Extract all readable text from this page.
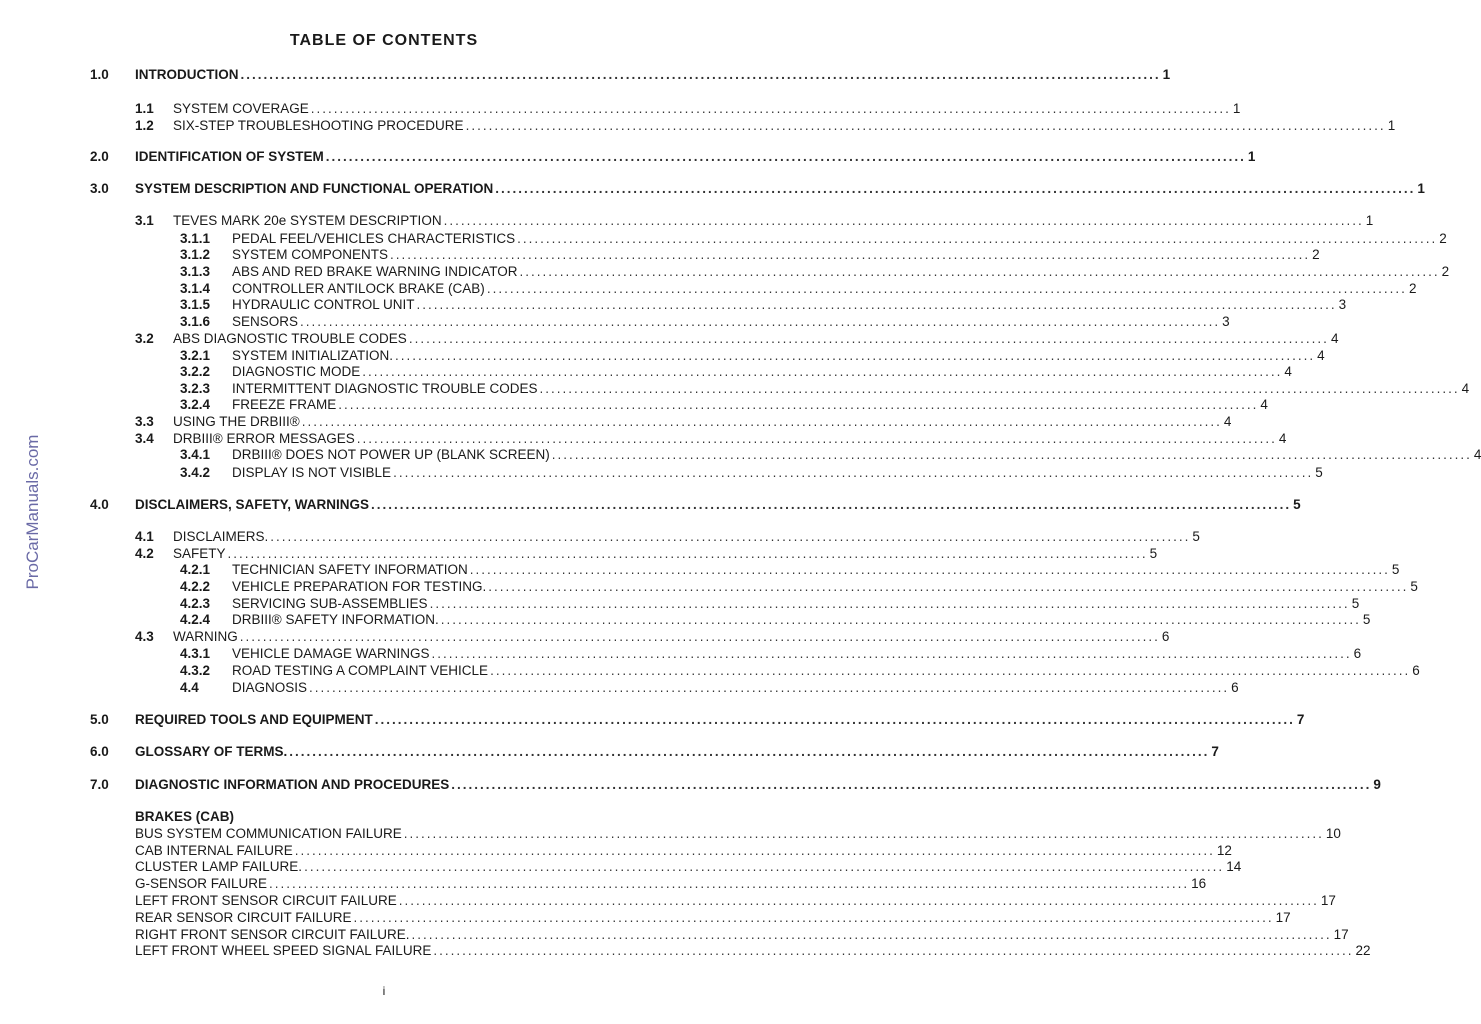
TABLE OF CONTENTS
ProCarManuals.com
1.0	INTRODUCTION ................................................................................................................................................................ 1
1.1	SYSTEM COVERAGE ................................................................................................................................................................ 1
1.2	SIX-STEP TROUBLESHOOTING PROCEDURE ................................................................................................................................................................ 1
2.0	IDENTIFICATION OF SYSTEM ................................................................................................................................................................ 1
3.0	SYSTEM DESCRIPTION AND FUNCTIONAL OPERATION ................................................................................................................................................................ 1
3.1	TEVES MARK 20e SYSTEM DESCRIPTION ................................................................................................................................................................ 1
3.1.1	PEDAL FEEL/VEHICLES CHARACTERISTICS ................................................................................................................................................................ 2
3.1.2	SYSTEM COMPONENTS ................................................................................................................................................................ 2
3.1.3	ABS AND RED BRAKE WARNING INDICATOR ................................................................................................................................................................ 2
3.1.4	CONTROLLER ANTILOCK BRAKE (CAB) ................................................................................................................................................................ 2
3.1.5	HYDRAULIC CONTROL UNIT ................................................................................................................................................................ 3
3.1.6	SENSORS ................................................................................................................................................................ 3
3.2	ABS DIAGNOSTIC TROUBLE CODES ................................................................................................................................................................ 4
3.2.1	SYSTEM INITIALIZATION. ................................................................................................................................................................ 4
3.2.2	DIAGNOSTIC MODE ................................................................................................................................................................ 4
3.2.3	INTERMITTENT DIAGNOSTIC TROUBLE CODES ................................................................................................................................................................ 4
3.2.4	FREEZE FRAME ................................................................................................................................................................ 4
3.3	USING THE DRBIII® ................................................................................................................................................................ 4
3.4	DRBIII® ERROR MESSAGES ................................................................................................................................................................ 4
3.4.1	DRBIII® DOES NOT POWER UP (BLANK SCREEN) ................................................................................................................................................................ 4
3.4.2	DISPLAY IS NOT VISIBLE ................................................................................................................................................................ 5
4.0	DISCLAIMERS, SAFETY, WARNINGS ................................................................................................................................................................ 5
4.1	DISCLAIMERS. ................................................................................................................................................................ 5
4.2	SAFETY ................................................................................................................................................................ 5
4.2.1	TECHNICIAN SAFETY INFORMATION ................................................................................................................................................................ 5
4.2.2	VEHICLE PREPARATION FOR TESTING. ................................................................................................................................................................ 5
4.2.3	SERVICING SUB-ASSEMBLIES ................................................................................................................................................................ 5
4.2.4	DRBIII® SAFETY INFORMATION. ................................................................................................................................................................ 5
4.3	WARNING ................................................................................................................................................................ 6
4.3.1	VEHICLE DAMAGE WARNINGS ................................................................................................................................................................ 6
4.3.2	ROAD TESTING A COMPLAINT VEHICLE ................................................................................................................................................................ 6
4.4	DIAGNOSIS ................................................................................................................................................................ 6
5.0	REQUIRED TOOLS AND EQUIPMENT ................................................................................................................................................................ 7
6.0	GLOSSARY OF TERMS. ................................................................................................................................................................ 7
7.0	DIAGNOSTIC INFORMATION AND PROCEDURES ................................................................................................................................................................ 9
BRAKES (CAB)
BUS SYSTEM COMMUNICATION FAILURE ................................................................................................................................................................ 10
CAB INTERNAL FAILURE ................................................................................................................................................................ 12
CLUSTER LAMP FAILURE. ................................................................................................................................................................ 14
G-SENSOR FAILURE ................................................................................................................................................................ 16
LEFT FRONT SENSOR CIRCUIT FAILURE ................................................................................................................................................................ 17
REAR SENSOR CIRCUIT FAILURE ................................................................................................................................................................ 17
RIGHT FRONT SENSOR CIRCUIT FAILURE. ................................................................................................................................................................ 17
LEFT FRONT WHEEL SPEED SIGNAL FAILURE ................................................................................................................................................................ 22
i
